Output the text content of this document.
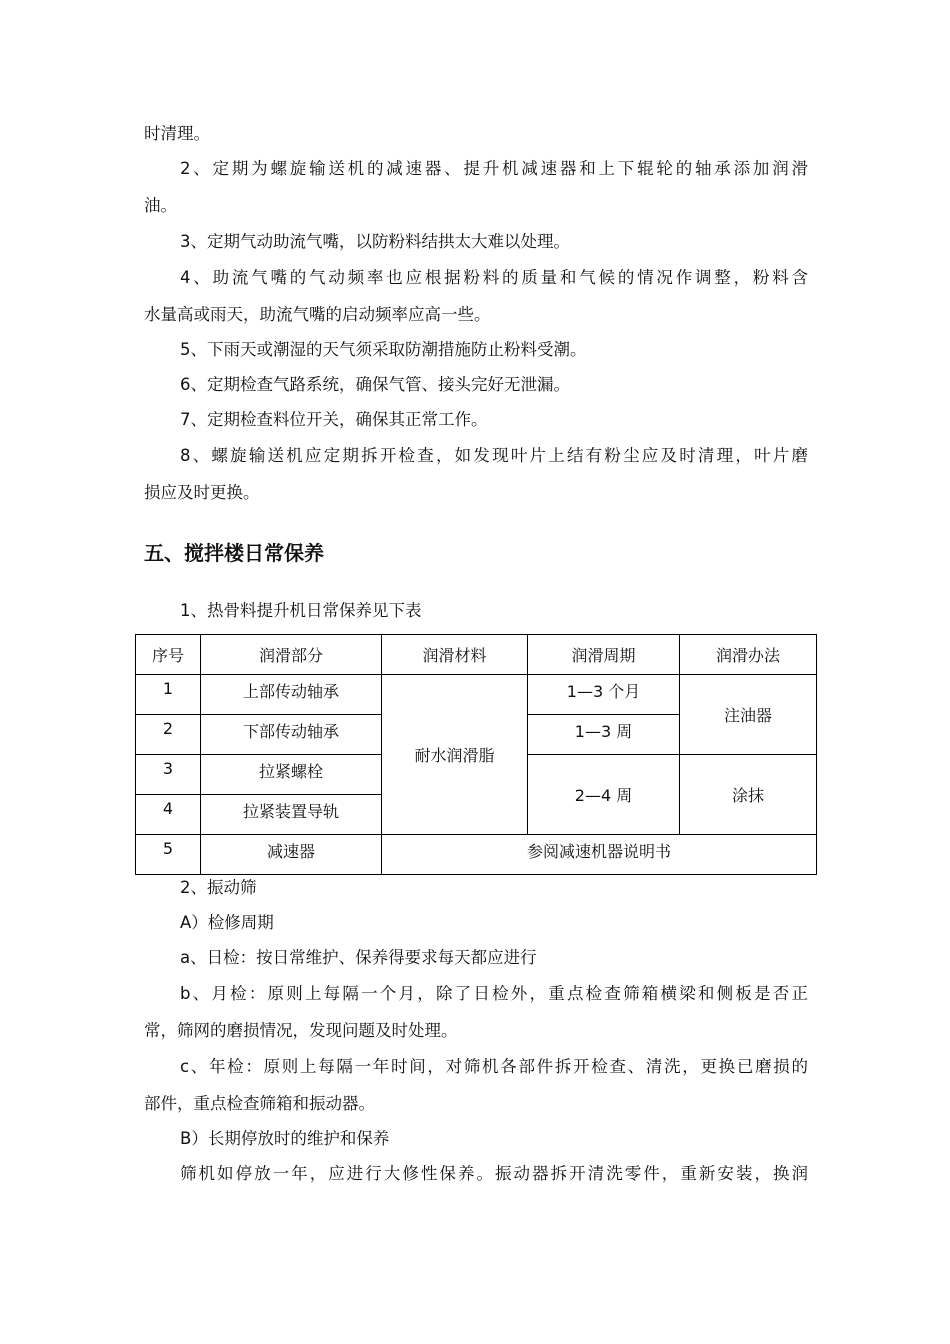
时清理。
2、定期为螺旋输送机的减速器、提升机减速器和上下辊轮的轴承添加润滑
油。
3、定期气动助流气嘴，以防粉料结拱太大难以处理。
4、助流气嘴的气动频率也应根据粉料的质量和气候的情况作调整，粉料含
水量高或雨天，助流气嘴的启动频率应高一些。
5、下雨天或潮湿的天气须采取防潮措施防止粉料受潮。
6、定期检查气路系统，确保气管、接头完好无泄漏。
7、定期检查料位开关，确保其正常工作。
8、螺旋输送机应定期拆开检查，如发现叶片上结有粉尘应及时清理，叶片磨
损应及时更换。
五、搅拌楼日常保养
1、热骨料提升机日常保养见下表
序号	润滑部分	润滑材料	润滑周期	润滑办法
1	上部传动轴承	耐水润滑脂	1—3 个月	注油器
2	下部传动轴承		1—3 周	
3	拉紧螺栓		2—4 周	涂抹
4	拉紧装置导轨			
5	减速器	参阅减速机器说明书		
2、振动筛
A）检修周期
a、日检：按日常维护、保养得要求每天都应进行
b、月检：原则上每隔一个月，除了日检外，重点检查筛箱横梁和侧板是否正
常，筛网的磨损情况，发现问题及时处理。
c、年检：原则上每隔一年时间，对筛机各部件拆开检查、清洗，更换已磨损的
部件，重点检查筛箱和振动器。
B）长期停放时的维护和保养
筛机如停放一年，应进行大修性保养。振动器拆开清洗零件，重新安装，换润
